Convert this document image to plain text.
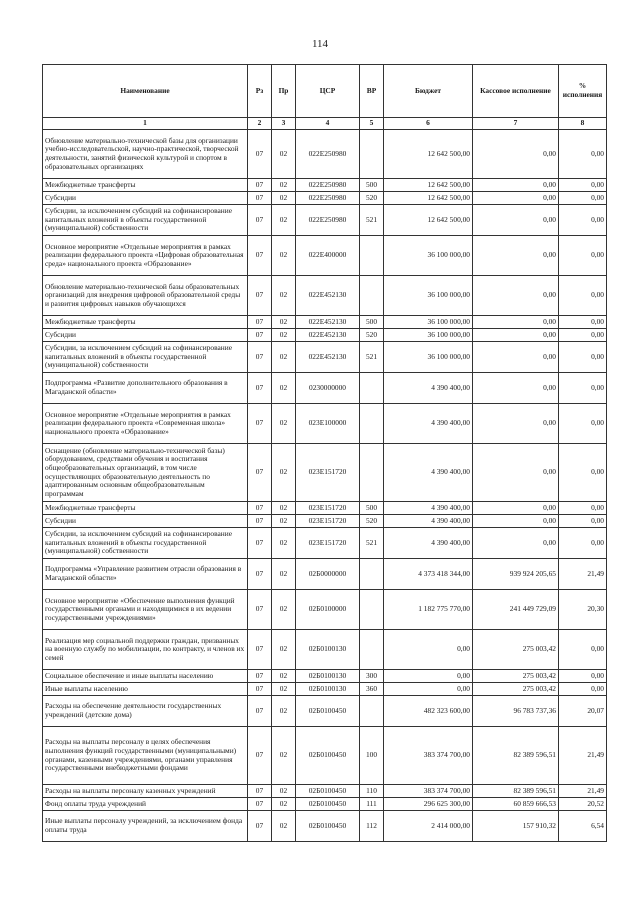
114
Наименование	Рз	Пр	ЦСР	ВР	Бюджет	Кассовое исполнение	% исполнения
1	2	3	4	5	6	7	8
Обновление материально-технической базы для организации учебно-исследовательской, научно-практической, творческой деятельности, занятий физической культурой и спортом в образовательных организациях	07	02	022E250980		12 642 500,00	0,00	0,00
Межбюджетные трансферты	07	02	022E250980	500	12 642 500,00	0,00	0,00
Субсидии	07	02	022E250980	520	12 642 500,00	0,00	0,00
Субсидии, за исключением субсидий на софинансирование капитальных вложений в объекты государственной (муниципальной) собственности	07	02	022E250980	521	12 642 500,00	0,00	0,00
Основное мероприятие «Отдельные мероприятия в рамках реализации федерального проекта «Цифровая образовательная среда» национального проекта «Образование»	07	02	022E400000		36 100 000,00	0,00	0,00
Обновление материально-технической базы образовательных организаций для внедрения цифровой образовательной среды и развития цифровых навыков обучающихся	07	02	022E452130		36 100 000,00	0,00	0,00
Межбюджетные трансферты	07	02	022E452130	500	36 100 000,00	0,00	0,00
Субсидии	07	02	022E452130	520	36 100 000,00	0,00	0,00
Субсидии, за исключением субсидий на софинансирование капитальных вложений в объекты государственной (муниципальной) собственности	07	02	022E452130	521	36 100 000,00	0,00	0,00
Подпрограмма «Развитие дополнительного образования в Магаданской области»	07	02	0230000000		4 390 400,00	0,00	0,00
Основное мероприятие «Отдельные мероприятия в рамках реализации федерального проекта «Современная школа» национального проекта «Образование»	07	02	023E100000		4 390 400,00	0,00	0,00
Оснащение (обновление материально-технической базы) оборудованием, средствами обучения и воспитания общеобразовательных организаций, в том числе осуществляющих образовательную деятельность по адаптированным основным общеобразовательным программам	07	02	023E151720		4 390 400,00	0,00	0,00
Межбюджетные трансферты	07	02	023E151720	500	4 390 400,00	0,00	0,00
Субсидии	07	02	023E151720	520	4 390 400,00	0,00	0,00
Субсидии, за исключением субсидий на софинансирование капитальных вложений в объекты государственной (муниципальной) собственности	07	02	023E151720	521	4 390 400,00	0,00	0,00
Подпрограмма «Управление развитием отрасли образования в Магаданской области»	07	02	02Б0000000		4 373 418 344,00	939 924 205,65	21,49
Основное мероприятие «Обеспечение выполнения функций государственными органами и находящимися в их ведении государственными учреждениями»	07	02	02Б0100000		1 182 775 770,00	241 449 729,09	20,30
Реализация мер социальной поддержки граждан, призванных на военную службу по мобилизации, по контракту, и членов их семей	07	02	02Б0100130		0,00	275 003,42	0,00
Социальное обеспечение и иные выплаты населению	07	02	02Б0100130	300	0,00	275 003,42	0,00
Иные выплаты населению	07	02	02Б0100130	360	0,00	275 003,42	0,00
Расходы на обеспечение деятельности государственных учреждений (детские дома)	07	02	02Б0100450		482 323 600,00	96 783 737,36	20,07
Расходы на выплаты персоналу в целях обеспечения выполнения функций государственными (муниципальными) органами, казенными учреждениями, органами управления государственными внебюджетными фондами	07	02	02Б0100450	100	383 374 700,00	82 389 596,51	21,49
Расходы на выплаты персоналу казенных учреждений	07	02	02Б0100450	110	383 374 700,00	82 389 596,51	21,49
Фонд оплаты труда учреждений	07	02	02Б0100450	111	296 625 300,00	60 859 666,53	20,52
Иные выплаты персоналу учреждений, за исключением фонда оплаты труда	07	02	02Б0100450	112	2 414 000,00	157 910,32	6,54
